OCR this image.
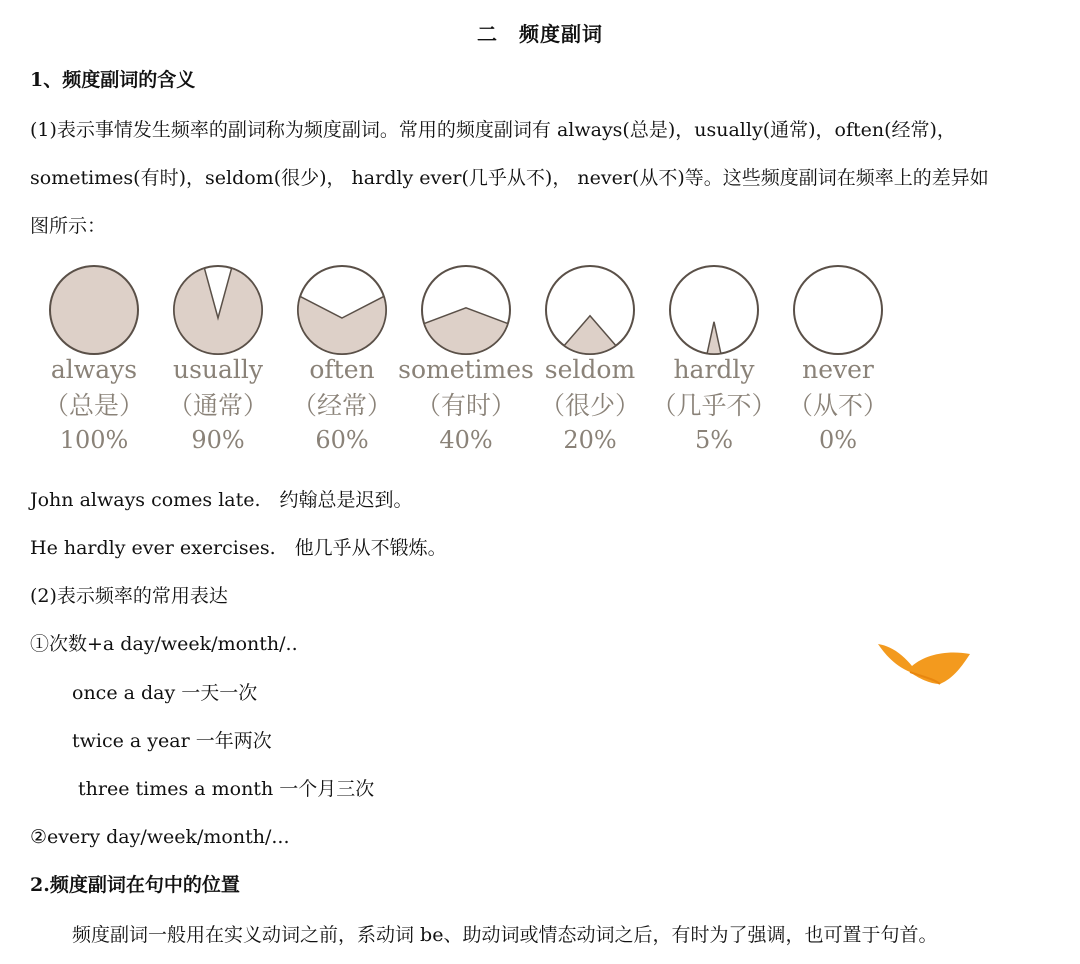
二　频度副词
1、频度副词的含义
(1)表示事情发生频率的副词称为频度副词。常用的频度副词有 always(总是)，usually(通常)，often(经常)，
sometimes(有时)，seldom(很少)， hardly ever(几乎从不)， never(从不)等。这些频度副词在频率上的差异如
图所示：
always
（总是）
100%
usually
（通常）
90%
often
（经常）
60%
sometimes
（有时）
40%
seldom
（很少）
20%
hardly
（几乎不）
5%
never
（从不）
0%
John always comes late.　约翰总是迟到。
He hardly ever exercises.　他几乎从不锻炼。
(2)表示频率的常用表达
①次数+a day/week/month/..
once a day 一天一次
twice a year 一年两次
three times a month 一个月三次
②every day/week/month/...
2.频度副词在句中的位置
频度副词一般用在实义动词之前，系动词 be、助动词或情态动词之后，有时为了强调，也可置于句首。
